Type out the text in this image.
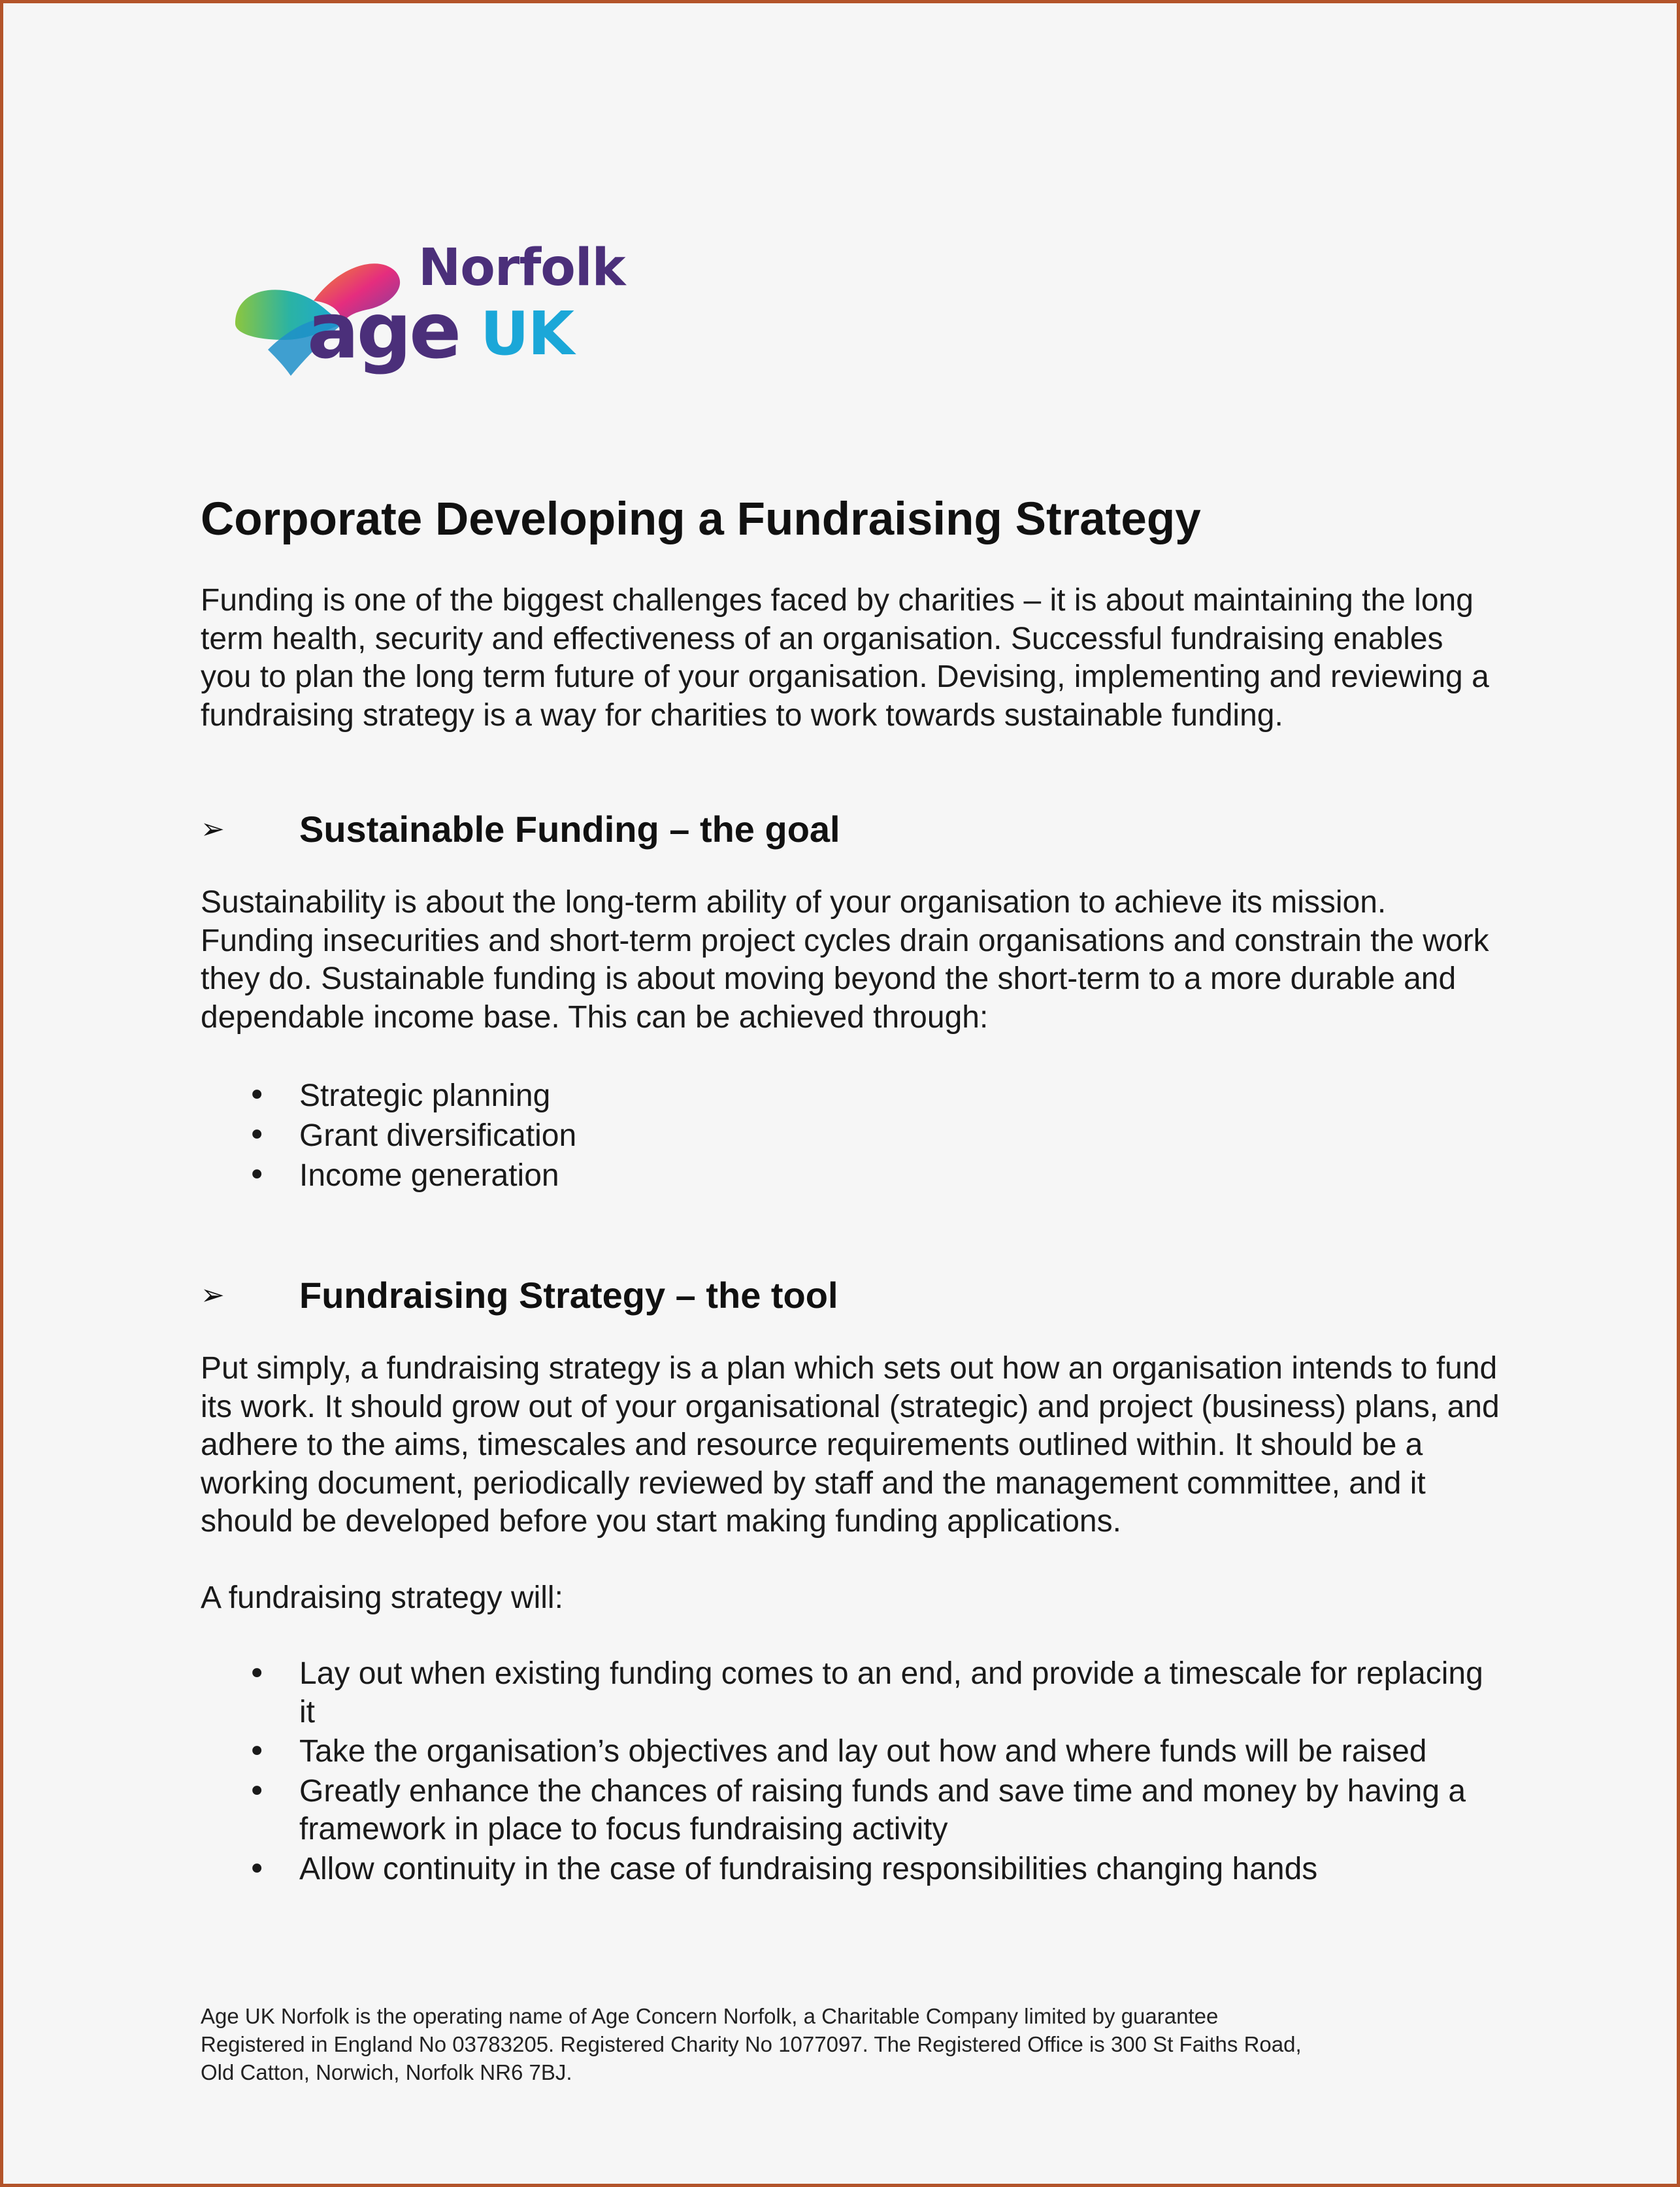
Norfolk
age UK
Corporate Developing a Fundraising Strategy

Funding is one of the biggest challenges faced by charities – it is about maintaining the long term health, security and effectiveness of an organisation. Successful fundraising enables you to plan the long term future of your organisation. Devising, implementing and reviewing a fundraising strategy is a way for charities to work towards sustainable funding.

➢	Sustainable Funding – the goal

Sustainability is about the long-term ability of your organisation to achieve its mission. Funding insecurities and short-term project cycles drain organisations and constrain the work they do. Sustainable funding is about moving beyond the short-term to a more durable and dependable income base. This can be achieved through:

• Strategic planning
• Grant diversification
• Income generation
➢	Fundraising Strategy – the tool

Put simply, a fundraising strategy is a plan which sets out how an organisation intends to fund its work. It should grow out of your organisational (strategic) and project (business) plans, and adhere to the aims, timescales and resource requirements outlined within. It should be a working document, periodically reviewed by staff and the management committee, and it should be developed before you start making funding applications.

A fundraising strategy will:

• Lay out when existing funding comes to an end, and provide a timescale for replacing it
• Take the organisation’s objectives and lay out how and where funds will be raised
• Greatly enhance the chances of raising funds and save time and money by having a framework in place to focus fundraising activity
• Allow continuity in the case of fundraising responsibilities changing hands
Age UK Norfolk is the operating name of Age Concern Norfolk, a Charitable Company limited by guarantee
Registered in England No 03783205. Registered Charity No 1077097. The Registered Office is 300 St Faiths Road,
Old Catton, Norwich, Norfolk NR6 7BJ.
